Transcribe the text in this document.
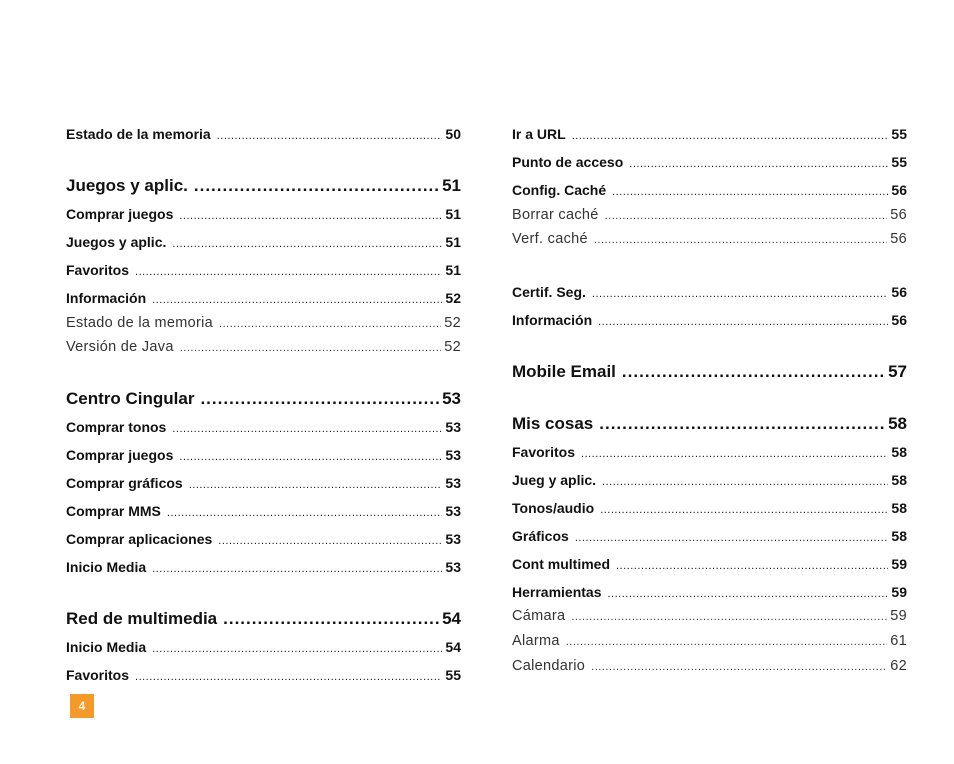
Estado de la memoria .....	50
Juegos y aplic. .....	51
Comprar juegos .....	51
Juegos y aplic. .....	51
Favoritos .....	51
Información .....	52
Estado de la memoria .....	52
Versión de Java .....	52
Centro Cingular .....	53
Comprar tonos .....	53
Comprar juegos .....	53
Comprar gráficos .....	53
Comprar MMS .....	53
Comprar aplicaciones .....	53
Inicio Media .....	53
Red de multimedia .....	54
Inicio Media .....	54
Favoritos .....	55
Ir a URL .....	55
Punto de acceso .....	55
Config. Caché .....	56
Borrar caché .....	56
Verf. caché .....	56
Certif. Seg. .....	56
Información .....	56
Mobile Email .....	57
Mis cosas .....	58
Favoritos .....	58
Jueg y aplic. .....	58
Tonos/audio .....	58
Gráficos .....	58
Cont multimed .....	59
Herramientas .....	59
Cámara .....	59
Alarma .....	61
Calendario .....	62
4
